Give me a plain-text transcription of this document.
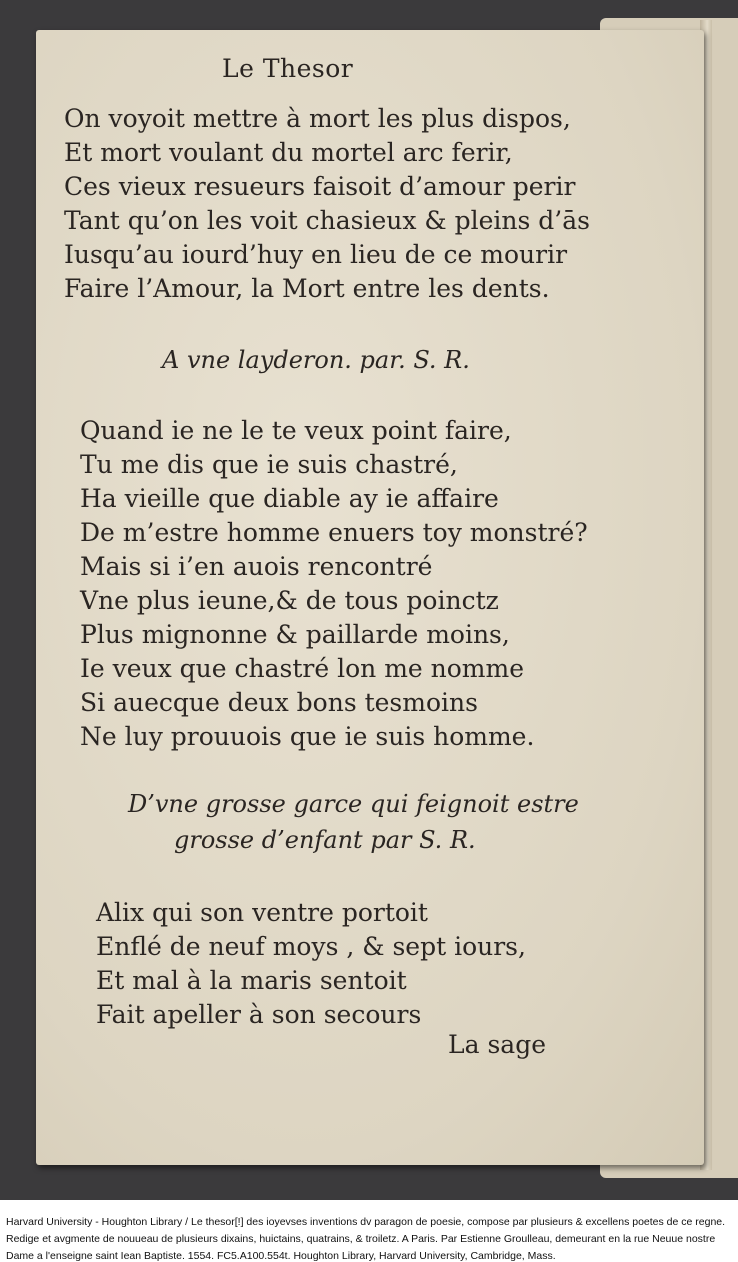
Le Thesor
On voyoit mettre à mort les plus dispos,
Et mort voulant du mortel arc ferir,
Ces vieux resueurs faisoit d’amour perir
Tant qu’on les voit chasieux & pleins d’ās
Iusqu’au iourd’huy en lieu de ce mourir
Faire l’Amour, la Mort entre les dents.
A vne layderon. par. S. R.
Quand ie ne le te veux point faire,
Tu me dis que ie suis chastré,
Ha vieille que diable ay ie affaire
De m’estre homme enuers toy monstré?
Mais si i’en auois rencontré
Vne plus ieune,& de tous poinctz
Plus mignonne & paillarde moins,
Ie veux que chastré lon me nomme
Si auecque deux bons tesmoins
Ne luy prouuois que ie suis homme.
D’vne grosse garce qui feignoit estre
grosse d’enfant par S. R.
Alix qui son ventre portoit
Enflé de neuf moys , & sept iours,
Et mal à la maris sentoit
Fait apeller à son secours
La sage
Harvard University - Houghton Library / Le thesor[!] des ioyevses inventions dv paragon de poesie, compose par plusieurs & excellens poetes de ce regne. Redige et avgmente de nouueau de plusieurs dixains, huictains, quatrains, & troiletz. A Paris. Par Estienne Groulleau, demeurant en la rue Neuue nostre Dame a l'enseigne saint Iean Baptiste. 1554. FC5.A100.554t. Houghton Library, Harvard University, Cambridge, Mass.
